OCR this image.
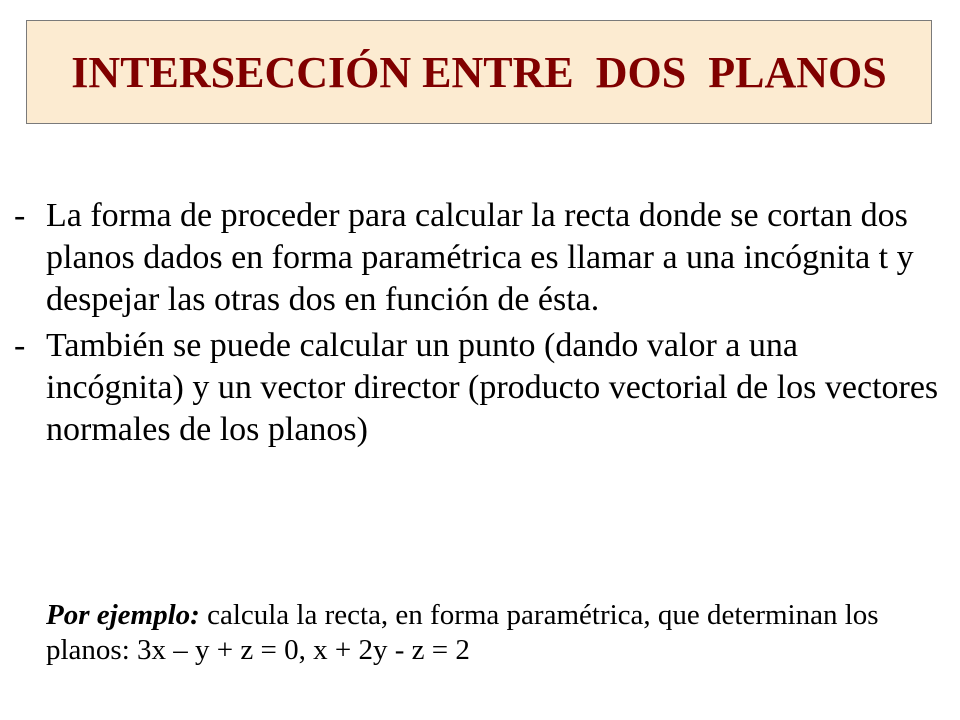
INTERSECCIÓN ENTRE  DOS  PLANOS
- La forma de proceder para calcular la recta donde se cortan dos planos dados en forma paramétrica es llamar a una incógnita t y despejar las otras dos en función de ésta.
- También se puede calcular un punto (dando valor a una incógnita) y un vector director (producto vectorial de los vectores normales de los planos)
Por ejemplo: calcula la recta, en forma paramétrica, que determinan los planos: 3x – y + z = 0, x + 2y - z = 2
